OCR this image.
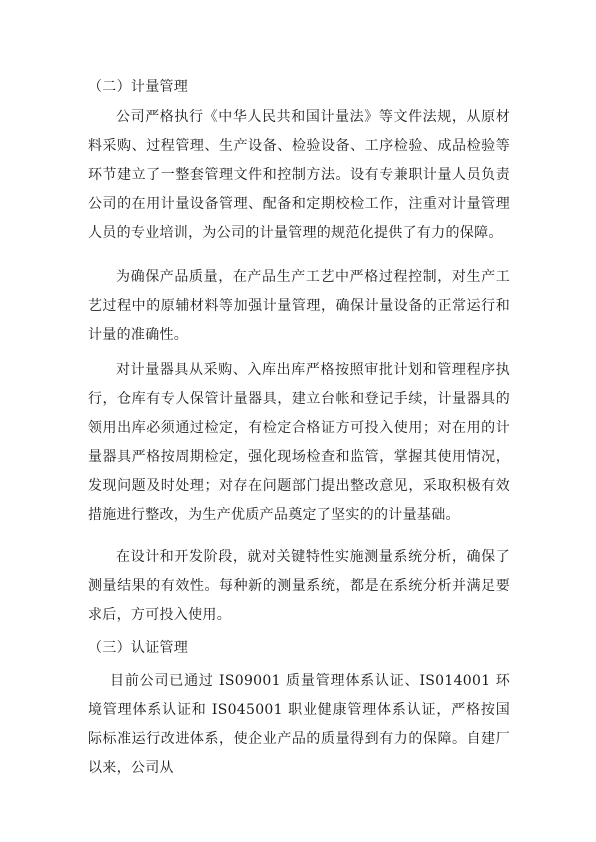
（二）计量管理

公司严格执行《中华人民共和国计量法》等文件法规，从原材料采购、过程管理、生产设备、检验设备、工序检验、成品检验等环节建立了一整套管理文件和控制方法。设有专兼职计量人员负责公司的在用计量设备管理、配备和定期校检工作，注重对计量管理人员的专业培训，为公司的计量管理的规范化提供了有力的保障。

为确保产品质量，在产品生产工艺中严格过程控制，对生产工艺过程中的原辅材料等加强计量管理，确保计量设备的正常运行和计量的准确性。

对计量器具从采购、入库出库严格按照审批计划和管理程序执行，仓库有专人保管计量器具，建立台帐和登记手续，计量器具的领用出库必须通过检定，有检定合格证方可投入使用；对在用的计量器具严格按周期检定，强化现场检查和监管，掌握其使用情况，发现问题及时处理；对存在问题部门提出整改意见，采取积极有效措施进行整改，为生产优质产品奠定了坚实的的计量基础。

在设计和开发阶段，就对关键特性实施测量系统分析，确保了测量结果的有效性。每种新的测量系统，都是在系统分析并满足要求后，方可投入使用。

（三）认证管理

目前公司已通过 IS09001 质量管理体系认证、IS014001 环境管理体系认证和 IS045001 职业健康管理体系认证，严格按国际标准运行改进体系，使企业产品的质量得到有力的保障。自建厂以来，公司从
